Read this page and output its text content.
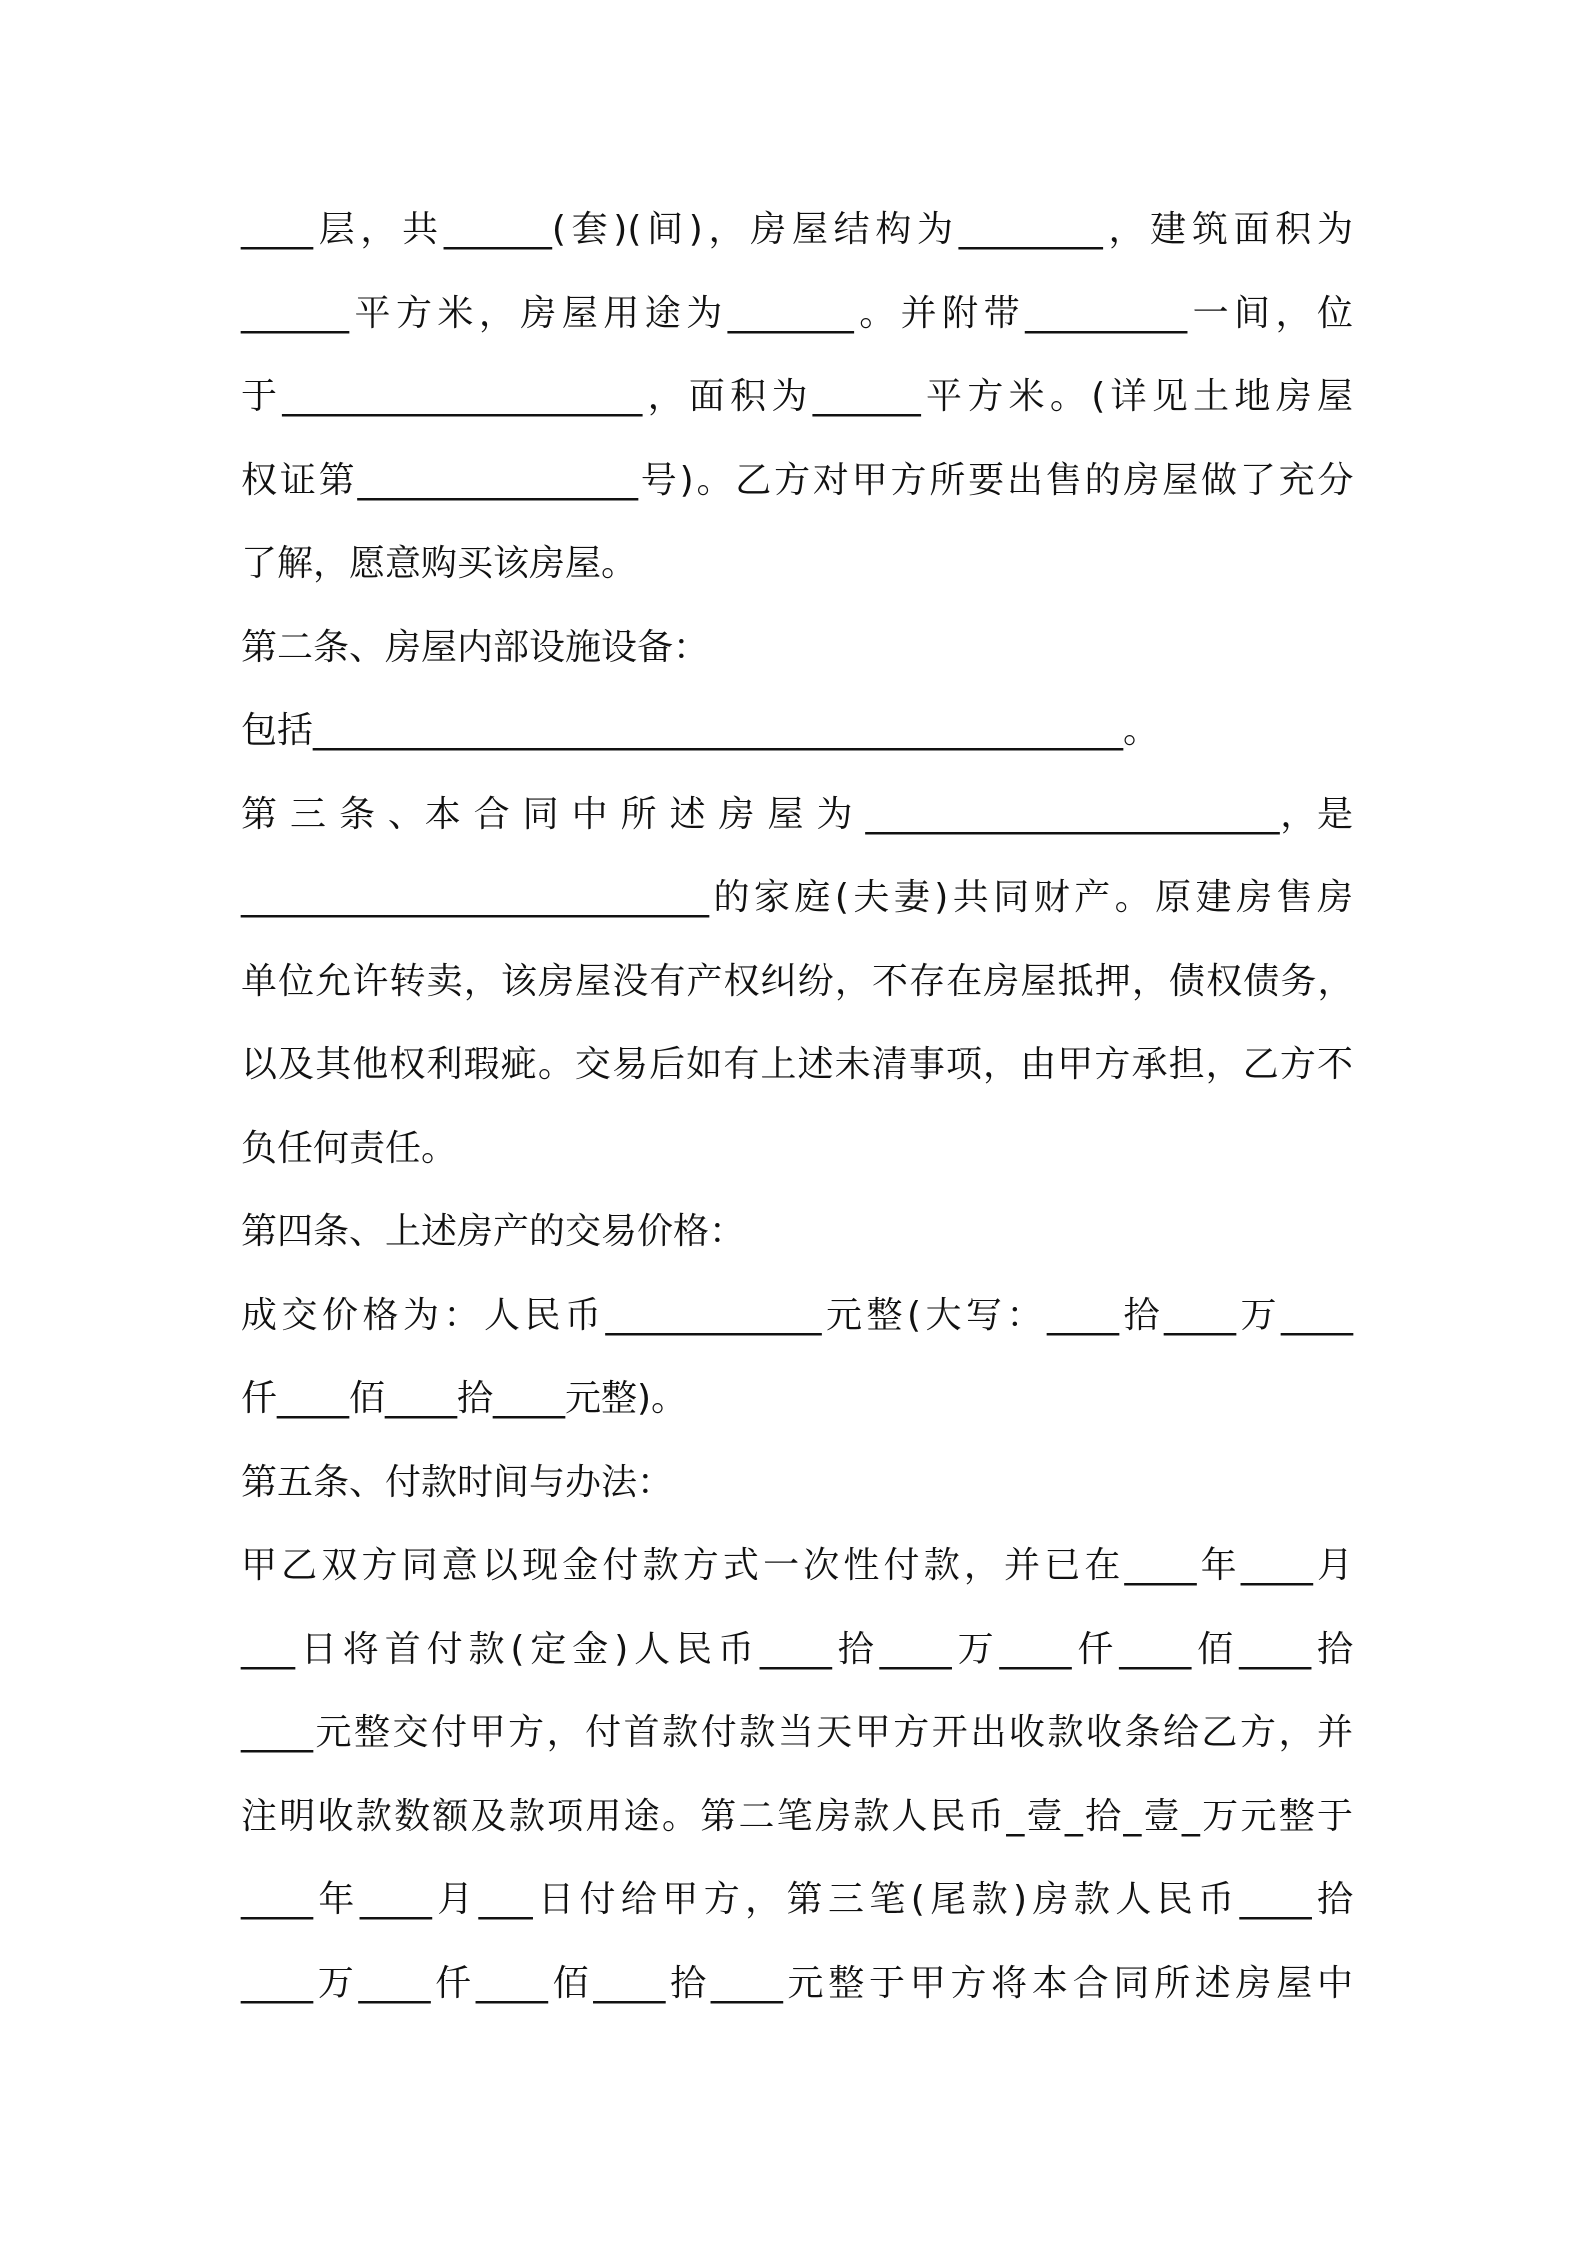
____层，共______(套)(间)，房屋结构为________，建筑面积为
______平方米，房屋用途为_______。并附带_________一间，位
于____________________，面积为______平方米。(详见土地房屋
权证第________________号)。乙方对甲方所要出售的房屋做了充分
了解，愿意购买该房屋。
第二条、房屋内部设施设备：
包括_____________________________________________。
第 三 条 、本 合 同 中 所 述 房 屋 为 _______________________，是
__________________________的家庭(夫妻)共同财产。原建房售房
单位允许转卖，该房屋没有产权纠纷，不存在房屋抵押，债权债务，
以及其他权利瑕疵。交易后如有上述未清事项，由甲方承担，乙方不
负任何责任。
第四条、上述房产的交易价格：
成交价格为：人民币____________元整(大写：____拾____万____
仟____佰____拾____元整)。
第五条、付款时间与办法：
甲乙双方同意以现金付款方式一次性付款，并已在____年____月
___日将首付款(定金)人民币____拾____万____仟____佰____拾
____元整交付甲方，付首款付款当天甲方开出收款收条给乙方，并
注明收款数额及款项用途。第二笔房款人民币_壹_拾_壹_万元整于
____年____月___日付给甲方，第三笔(尾款)房款人民币____拾
____万____仟____佰____拾____元整于甲方将本合同所述房屋中
